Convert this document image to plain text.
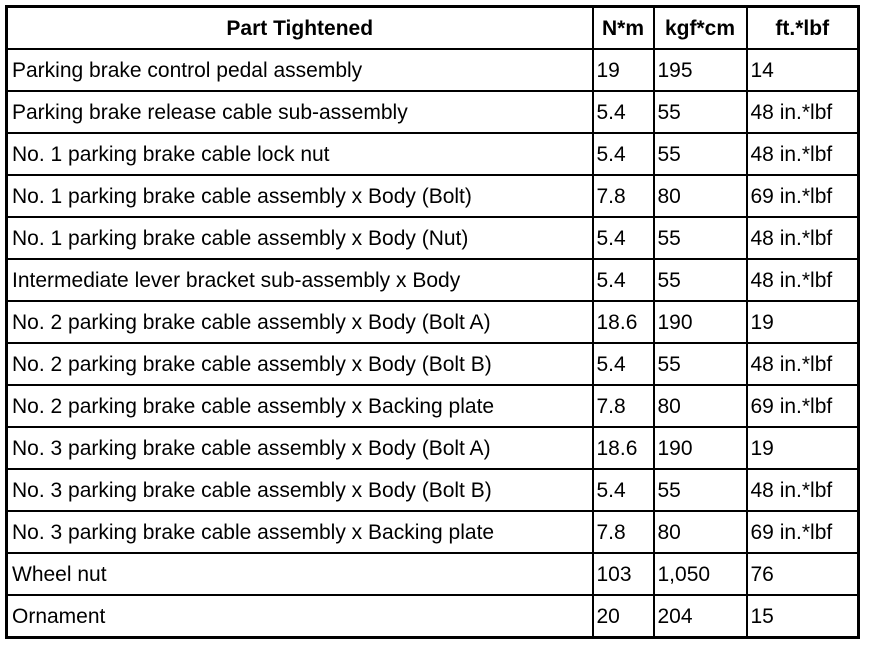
Part Tightened	N*m	kgf*cm	ft.*lbf
Parking brake control pedal assembly	19	195	14
Parking brake release cable sub-assembly	5.4	55	48 in.*lbf
No. 1 parking brake cable lock nut	5.4	55	48 in.*lbf
No. 1 parking brake cable assembly x Body (Bolt)	7.8	80	69 in.*lbf
No. 1 parking brake cable assembly x Body (Nut)	5.4	55	48 in.*lbf
Intermediate lever bracket sub-assembly x Body	5.4	55	48 in.*lbf
No. 2 parking brake cable assembly x Body (Bolt A)	18.6	190	19
No. 2 parking brake cable assembly x Body (Bolt B)	5.4	55	48 in.*lbf
No. 2 parking brake cable assembly x Backing plate	7.8	80	69 in.*lbf
No. 3 parking brake cable assembly x Body (Bolt A)	18.6	190	19
No. 3 parking brake cable assembly x Body (Bolt B)	5.4	55	48 in.*lbf
No. 3 parking brake cable assembly x Backing plate	7.8	80	69 in.*lbf
Wheel nut	103	1,050	76
Ornament	20	204	15
